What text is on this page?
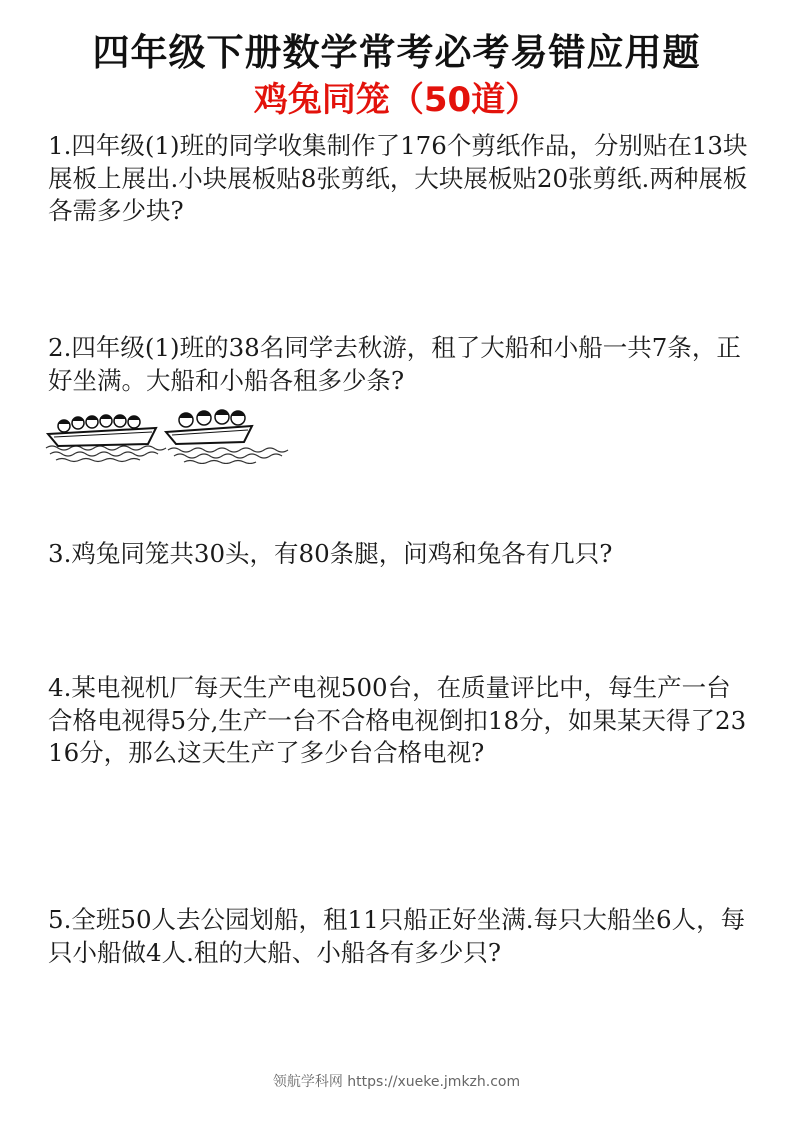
四年级下册数学常考必考易错应用题
鸡兔同笼（50道）

1.四年级(1)班的同学收集制作了176个剪纸作品，分别贴在13块展板上展出.小块展板贴8张剪纸，大块展板贴20张剪纸.两种展板各需多少块?

2.四年级(1)班的38名同学去秋游，租了大船和小船一共7条，正好坐满。大船和小船各租多少条?

3.鸡兔同笼共30头，有80条腿，问鸡和兔各有几只?

4.某电视机厂每天生产电视500台，在质量评比中，每生产一台合格电视得5分,生产一台不合格电视倒扣18分，如果某天得了2316分，那么这天生产了多少台合格电视?

5.全班50人去公园划船，租11只船正好坐满.每只大船坐6人，每只小船做4人.租的大船、小船各有多少只?

领航学科网 https://xueke.jmkzh.com
